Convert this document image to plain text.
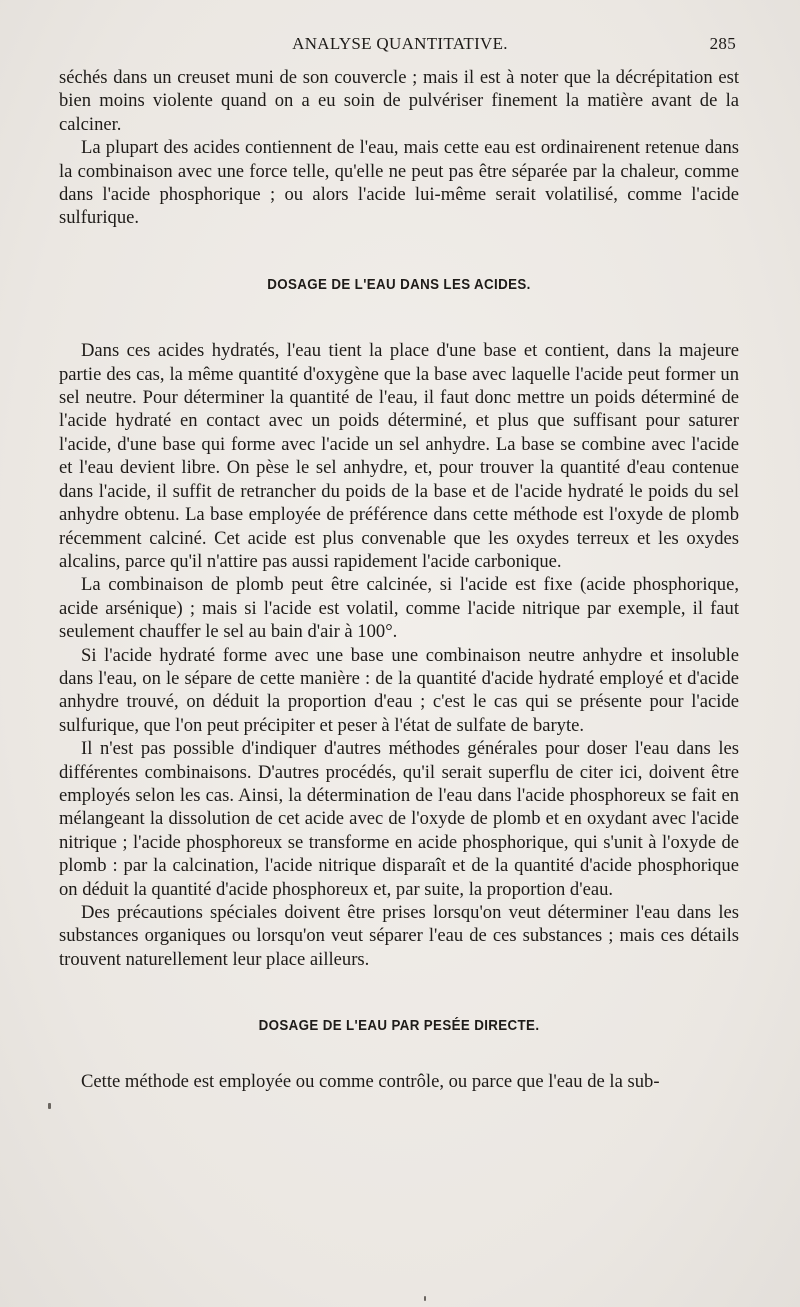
ANALYSE QUANTITATIVE.	285

séchés dans un creuset muni de son couvercle ; mais il est à noter que la décrépitation est bien moins violente quand on a eu soin de pulvériser finement la matière avant de la calciner.

La plupart des acides contiennent de l'eau, mais cette eau est ordinairenent retenue dans la combinaison avec une force telle, qu'elle ne peut pas être séparée par la chaleur, comme dans l'acide phosphorique ; ou alors l'acide lui-même serait volatilisé, comme l'acide sulfurique.

DOSAGE DE L'EAU DANS LES ACIDES.

Dans ces acides hydratés, l'eau tient la place d'une base et contient, dans la majeure partie des cas, la même quantité d'oxygène que la base avec laquelle l'acide peut former un sel neutre. Pour déterminer la quantité de l'eau, il faut donc mettre un poids déterminé de l'acide hydraté en contact avec un poids déterminé, et plus que suffisant pour saturer l'acide, d'une base qui forme avec l'acide un sel anhydre. La base se combine avec l'acide et l'eau devient libre. On pèse le sel anhydre, et, pour trouver la quantité d'eau contenue dans l'acide, il suffit de retrancher du poids de la base et de l'acide hydraté le poids du sel anhydre obtenu. La base employée de préférence dans cette méthode est l'oxyde de plomb récemment calciné. Cet acide est plus convenable que les oxydes terreux et les oxydes alcalins, parce qu'il n'attire pas aussi rapidement l'acide carbonique.

La combinaison de plomb peut être calcinée, si l'acide est fixe (acide phosphorique, acide arsénique) ; mais si l'acide est volatil, comme l'acide nitrique par exemple, il faut seulement chauffer le sel au bain d'air à 100°.

Si l'acide hydraté forme avec une base une combinaison neutre anhydre et insoluble dans l'eau, on le sépare de cette manière : de la quantité d'acide hydraté employé et d'acide anhydre trouvé, on déduit la proportion d'eau ; c'est le cas qui se présente pour l'acide sulfurique, que l'on peut précipiter et peser à l'état de sulfate de baryte.

Il n'est pas possible d'indiquer d'autres méthodes générales pour doser l'eau dans les différentes combinaisons. D'autres procédés, qu'il serait superflu de citer ici, doivent être employés selon les cas. Ainsi, la détermination de l'eau dans l'acide phosphoreux se fait en mélangeant la dissolution de cet acide avec de l'oxyde de plomb et en oxydant avec l'acide nitrique ; l'acide phosphoreux se transforme en acide phosphorique, qui s'unit à l'oxyde de plomb : par la calcination, l'acide nitrique disparaît et de la quantité d'acide phosphorique on déduit la quantité d'acide phosphoreux et, par suite, la proportion d'eau.

Des précautions spéciales doivent être prises lorsqu'on veut déterminer l'eau dans les substances organiques ou lorsqu'on veut séparer l'eau de ces substances ; mais ces détails trouvent naturellement leur place ailleurs.

DOSAGE DE L'EAU PAR PESÉE DIRECTE.

Cette méthode est employée ou comme contrôle, ou parce que l'eau de la sub-
